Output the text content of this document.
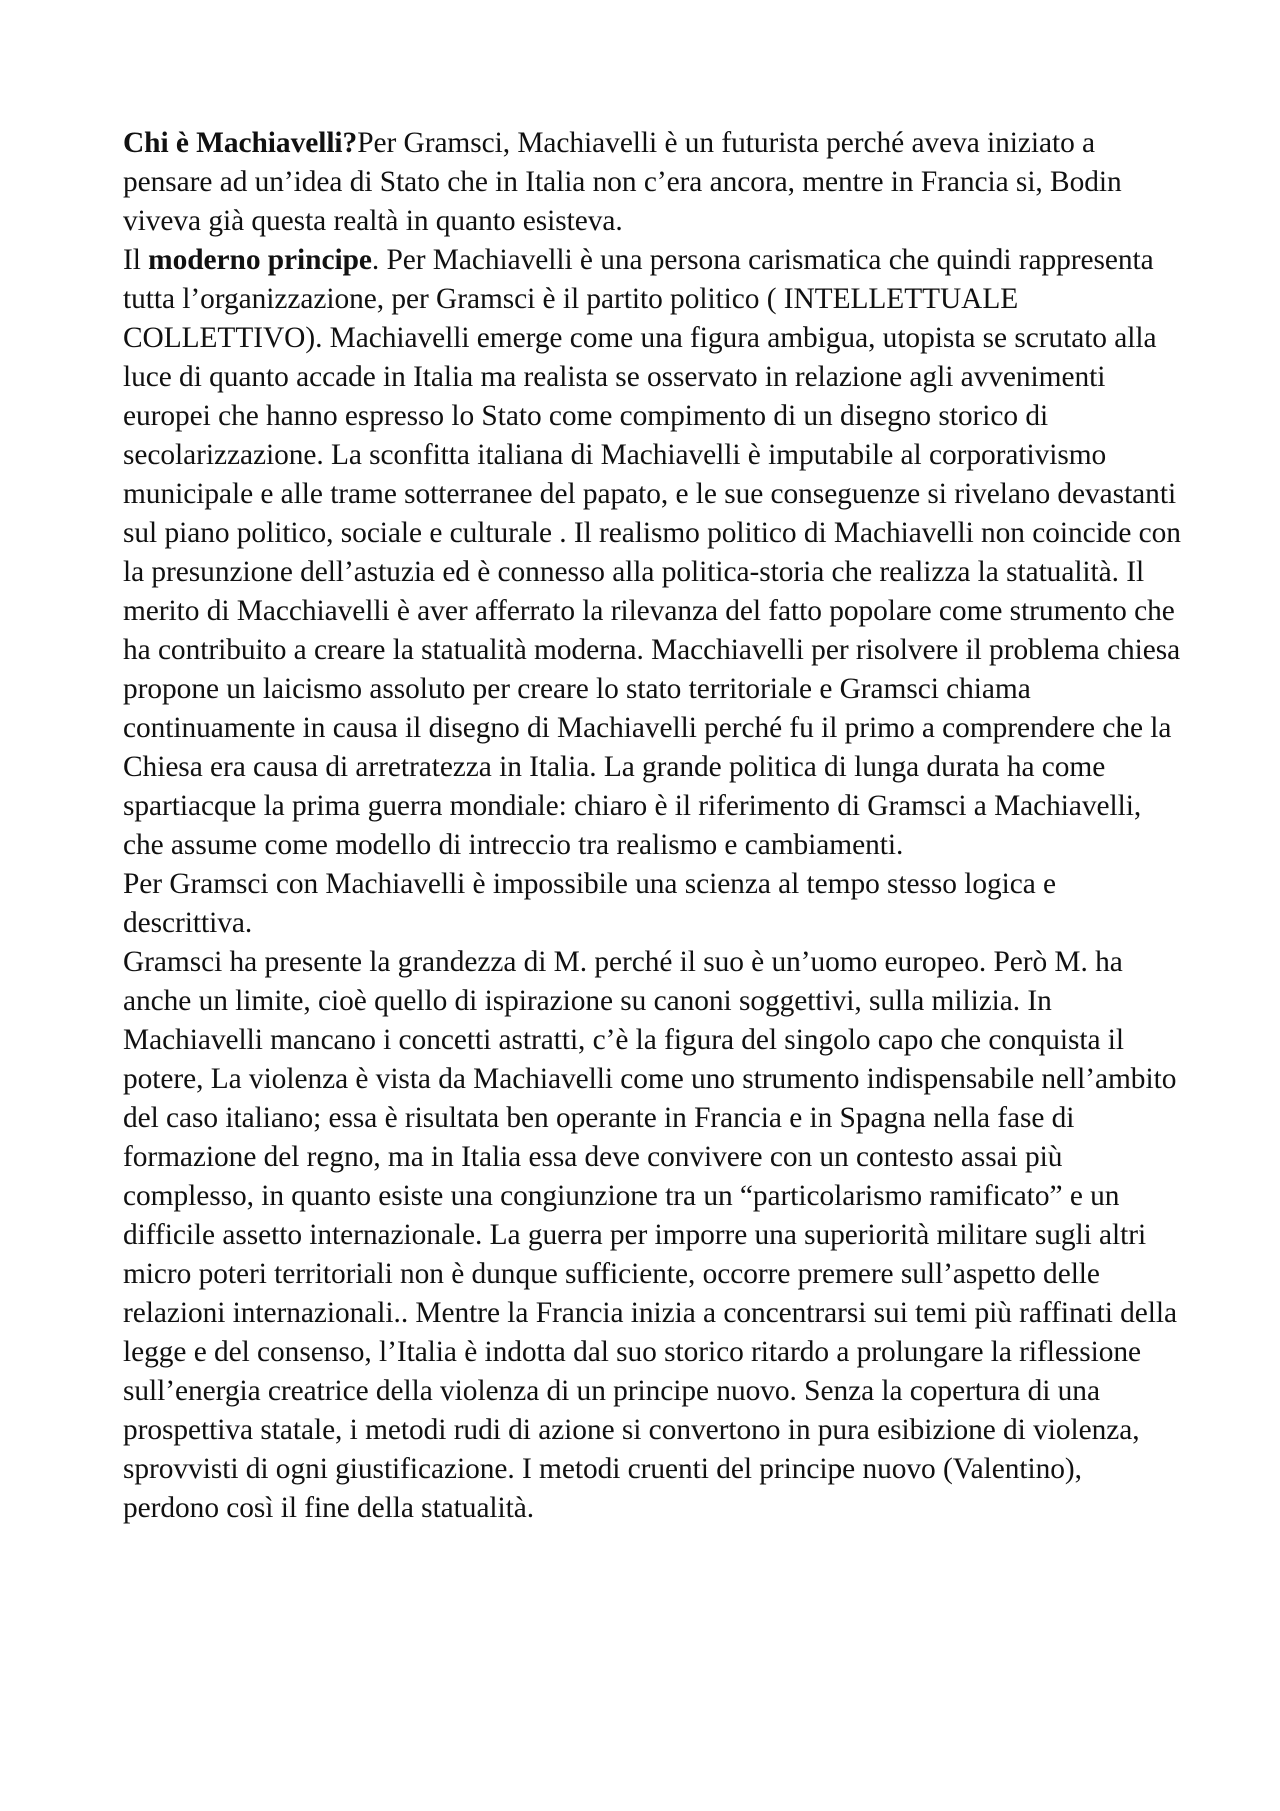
Chi è Machiavelli?Per Gramsci, Machiavelli è un futurista perché aveva iniziato a pensare ad un’idea di Stato che in Italia non c’era ancora, mentre in Francia si, Bodin viveva già questa realtà in quanto esisteva.

Il moderno principe. Per Machiavelli è una persona carismatica che quindi rappresenta tutta l’organizzazione, per Gramsci è il partito politico ( INTELLETTUALE COLLETTIVO). Machiavelli emerge come una figura ambigua, utopista se scrutato alla luce di quanto accade in Italia ma realista se osservato in relazione agli avvenimenti europei che hanno espresso lo Stato come compimento di un disegno storico di secolarizzazione. La sconfitta italiana di Machiavelli è imputabile al corporativismo municipale e alle trame sotterranee del papato, e le sue conseguenze si rivelano devastanti sul piano politico, sociale e culturale . Il realismo politico di Machiavelli non coincide con la presunzione dell’astuzia ed è connesso alla politica-storia che realizza la statualità. Il merito di Macchiavelli è aver afferrato la rilevanza del fatto popolare come strumento che ha contribuito a creare la statualità moderna. Macchiavelli per risolvere il problema chiesa propone un laicismo assoluto per creare lo stato territoriale e Gramsci chiama continuamente in causa il disegno di Machiavelli perché fu il primo a comprendere che la Chiesa era causa di arretratezza in Italia. La grande politica di lunga durata ha come spartiacque la prima guerra mondiale: chiaro è il riferimento di Gramsci a Machiavelli, che assume come modello di intreccio tra realismo e cambiamenti.

Per Gramsci con Machiavelli è impossibile una scienza al tempo stesso logica e descrittiva.

Gramsci ha presente la grandezza di M. perché il suo è un’uomo europeo. Però M. ha anche un limite, cioè quello di ispirazione su canoni soggettivi, sulla milizia. In Machiavelli mancano i concetti astratti, c’è la figura del singolo capo che conquista il potere, La violenza è vista da Machiavelli come uno strumento indispensabile nell’ambito del caso italiano; essa è risultata ben operante in Francia e in Spagna nella fase di formazione del regno, ma in Italia essa deve convivere con un contesto assai più complesso, in quanto esiste una congiunzione tra un “particolarismo ramificato” e un difficile assetto internazionale. La guerra per imporre una superiorità militare sugli altri micro poteri territoriali non è dunque sufficiente, occorre premere sull’aspetto delle relazioni internazionali.. Mentre la Francia inizia a concentrarsi sui temi più raffinati della legge e del consenso, l’Italia è indotta dal suo storico ritardo a prolungare la riflessione sull’energia creatrice della violenza di un principe nuovo. Senza la copertura di una prospettiva statale, i metodi rudi di azione si convertono in pura esibizione di violenza, sprovvisti di ogni giustificazione. I metodi cruenti del principe nuovo (Valentino), perdono così il fine della statualità.
